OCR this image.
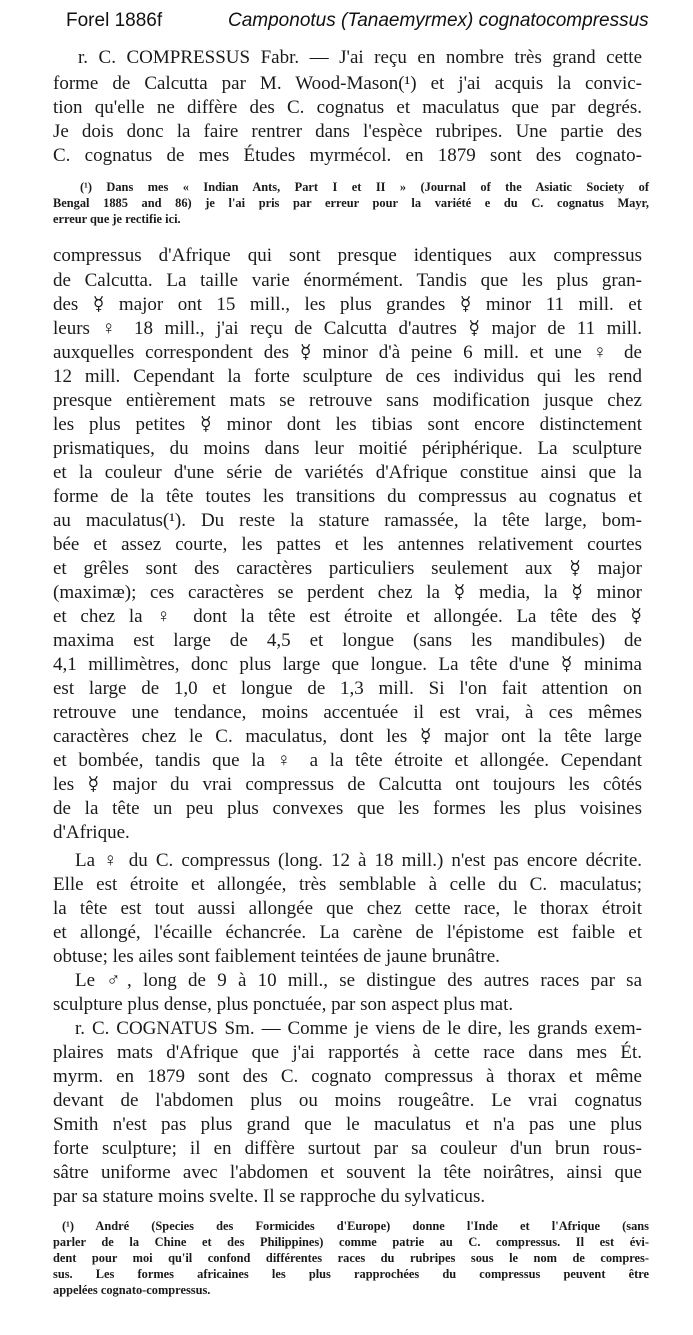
Forel 1886f	Camponotus (Tanaemyrmex) cognatocompressus
r. C. COMPRESSUS Fabr. — J'ai reçu en nombre très grand cette
forme de Calcutta par M. Wood-Mason(¹) et j'ai acquis la convic-
tion qu'elle ne diffère des C. cognatus et maculatus que par degrés.
Je dois donc la faire rentrer dans l'espèce rubripes. Une partie des
C. cognatus de mes Études myrmécol. en 1879 sont des cognato-
(¹) Dans mes « Indian Ants, Part I et II » (Journal of the Asiatic Society of
Bengal 1885 and 86) je l'ai pris par erreur pour la variété e du C. cognatus Mayr,
erreur que je rectifie ici.
compressus d'Afrique qui sont presque identiques aux compressus
de Calcutta. La taille varie énormément. Tandis que les plus gran-
des ☿ major ont 15 mill., les plus grandes ☿ minor 11 mill. et
leurs ♀ 18 mill., j'ai reçu de Calcutta d'autres ☿ major de 11 mill.
auxquelles correspondent des ☿ minor d'à peine 6 mill. et une ♀ de
12 mill. Cependant la forte sculpture de ces individus qui les rend
presque entièrement mats se retrouve sans modification jusque chez
les plus petites ☿ minor dont les tibias sont encore distinctement
prismatiques, du moins dans leur moitié périphérique. La sculpture
et la couleur d'une série de variétés d'Afrique constitue ainsi que la
forme de la tête toutes les transitions du compressus au cognatus et
au maculatus(¹). Du reste la stature ramassée, la tête large, bom-
bée et assez courte, les pattes et les antennes relativement courtes
et grêles sont des caractères particuliers seulement aux ☿ major
(maximæ); ces caractères se perdent chez la ☿ media, la ☿ minor
et chez la ♀ dont la tête est étroite et allongée. La tête des ☿
maxima est large de 4,5 et longue (sans les mandibules) de
4,1 millimètres, donc plus large que longue. La tête d'une ☿ minima
est large de 1,0 et longue de 1,3 mill. Si l'on fait attention on
retrouve une tendance, moins accentuée il est vrai, à ces mêmes
caractères chez le C. maculatus, dont les ☿ major ont la tête large
et bombée, tandis que la ♀ a la tête étroite et allongée. Cependant
les ☿ major du vrai compressus de Calcutta ont toujours les côtés
de la tête un peu plus convexes que les formes les plus voisines
d'Afrique.
La ♀ du C. compressus (long. 12 à 18 mill.) n'est pas encore décrite.
Elle est étroite et allongée, très semblable à celle du C. maculatus;
la tête est tout aussi allongée que chez cette race, le thorax étroit
et allongé, l'écaille échancrée. La carène de l'épistome est faible et
obtuse; les ailes sont faiblement teintées de jaune brunâtre.
Le ♂, long de 9 à 10 mill., se distingue des autres races par sa
sculpture plus dense, plus ponctuée, par son aspect plus mat.
r. C. COGNATUS Sm. — Comme je viens de le dire, les grands exem-
plaires mats d'Afrique que j'ai rapportés à cette race dans mes Ét.
myrm. en 1879 sont des C. cognato compressus à thorax et même
devant de l'abdomen plus ou moins rougeâtre. Le vrai cognatus
Smith n'est pas plus grand que le maculatus et n'a pas une plus
forte sculpture; il en diffère surtout par sa couleur d'un brun rous-
sâtre uniforme avec l'abdomen et souvent la tête noirâtres, ainsi que
par sa stature moins svelte. Il se rapproche du sylvaticus.
(¹) André (Species des Formicides d'Europe) donne l'Inde et l'Afrique (sans
parler de la Chine et des Philippines) comme patrie au C. compressus. Il est évi-
dent pour moi qu'il confond différentes races du rubripes sous le nom de compres-
sus. Les formes africaines les plus rapprochées du compressus peuvent être
appelées cognato-compressus.
